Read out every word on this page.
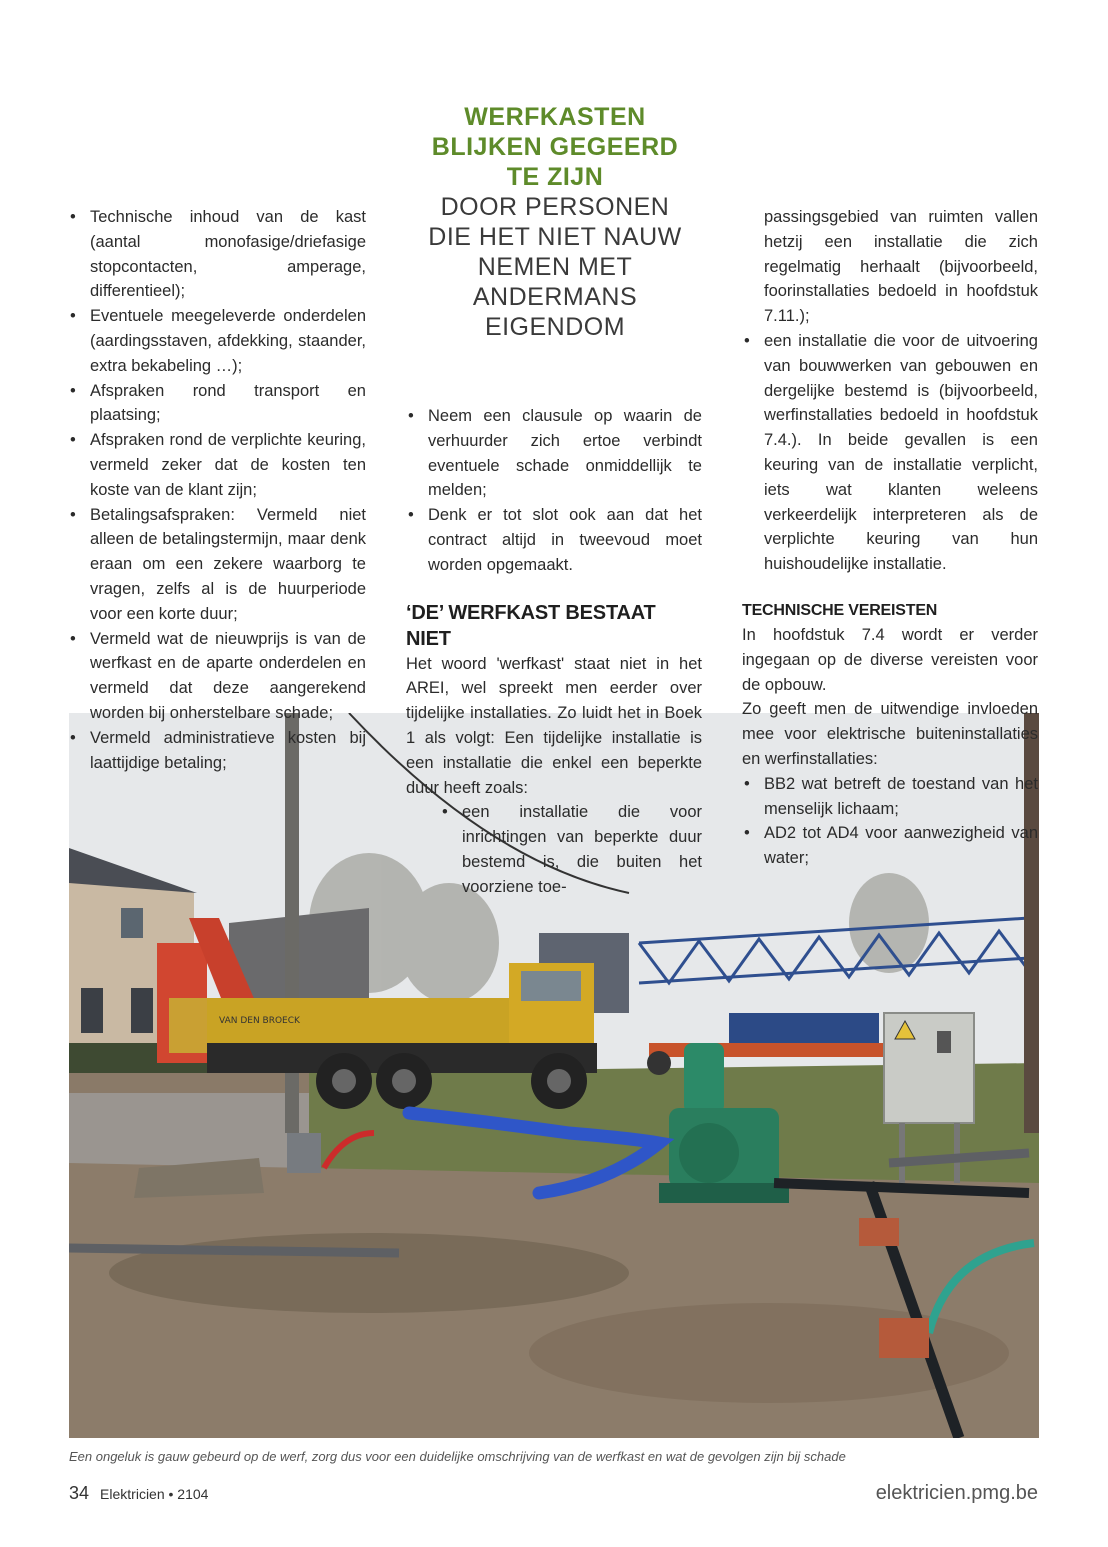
VAN DEN BROECK
WERFKASTEN
BLIJKEN GEGEERD
TE ZIJN
DOOR PERSONEN
DIE HET NIET NAUW
NEMEN MET
ANDERMANS
EIGENDOM
• Technische inhoud van de kast (aantal monofasige/driefasige stopcontacten, amperage, differentieel);
• Eventuele meegeleverde onderdelen (aardingsstaven, afdekking, staander, extra bekabeling …);
• Afspraken rond transport en plaatsing;
• Afspraken rond de verplichte keuring, vermeld zeker dat de kosten ten koste van de klant zijn;
• Betalingsafspraken: Vermeld niet alleen de betalingstermijn, maar denk eraan om een zekere waarborg te vragen, zelfs al is de huurperiode voor een korte duur;
• Vermeld wat de nieuwprijs is van de werfkast en de aparte onderdelen en vermeld dat deze aangerekend worden bij onherstelbare schade;
• Vermeld administratieve kosten bij laattijdige betaling;
• Neem een clausule op waarin de verhuurder zich ertoe verbindt eventuele schade onmiddellijk te melden;
• Denk er tot slot ook aan dat het contract altijd in tweevoud moet worden opgemaakt.
‘DE’ WERFKAST BESTAAT NIET

Het woord 'werfkast' staat niet in het AREI, wel spreekt men eerder over tijdelijke installaties. Zo luidt het in Boek 1 als volgt: Een tijdelijke installatie is een installatie die enkel een beperkte duur heeft zoals:

• een installatie die voor inrichtingen van beperkte duur bestemd is, die buiten het voorziene toe-

passingsgebied van ruimten vallen hetzij een installatie die zich regelmatig herhaalt (bijvoorbeeld, foorinstallaties bedoeld in hoofdstuk 7.11.);

• een installatie die voor de uitvoering van bouwwerken van gebouwen en dergelijke bestemd is (bijvoorbeeld, werfinstallaties bedoeld in hoofdstuk 7.4.). In beide gevallen is een keuring van de installatie verplicht, iets wat klanten weleens verkeerdelijk interpreteren als de verplichte keuring van hun huishoudelijke installatie.
TECHNISCHE VEREISTEN

In hoofdstuk 7.4 wordt er verder ingegaan op de diverse vereisten voor de opbouw.

Zo geeft men de uitwendige invloeden mee voor elektrische buiteninstallaties en werfinstallaties:

• BB2 wat betreft de toestand van het menselijk lichaam;
• AD2 tot AD4 voor aanwezigheid van water;
Een ongeluk is gauw gebeurd op de werf, zorg dus voor een duidelijke omschrijving van de werfkast en wat de gevolgen zijn bij schade
34 Elektricien • 2104	elektricien.pmg.be
